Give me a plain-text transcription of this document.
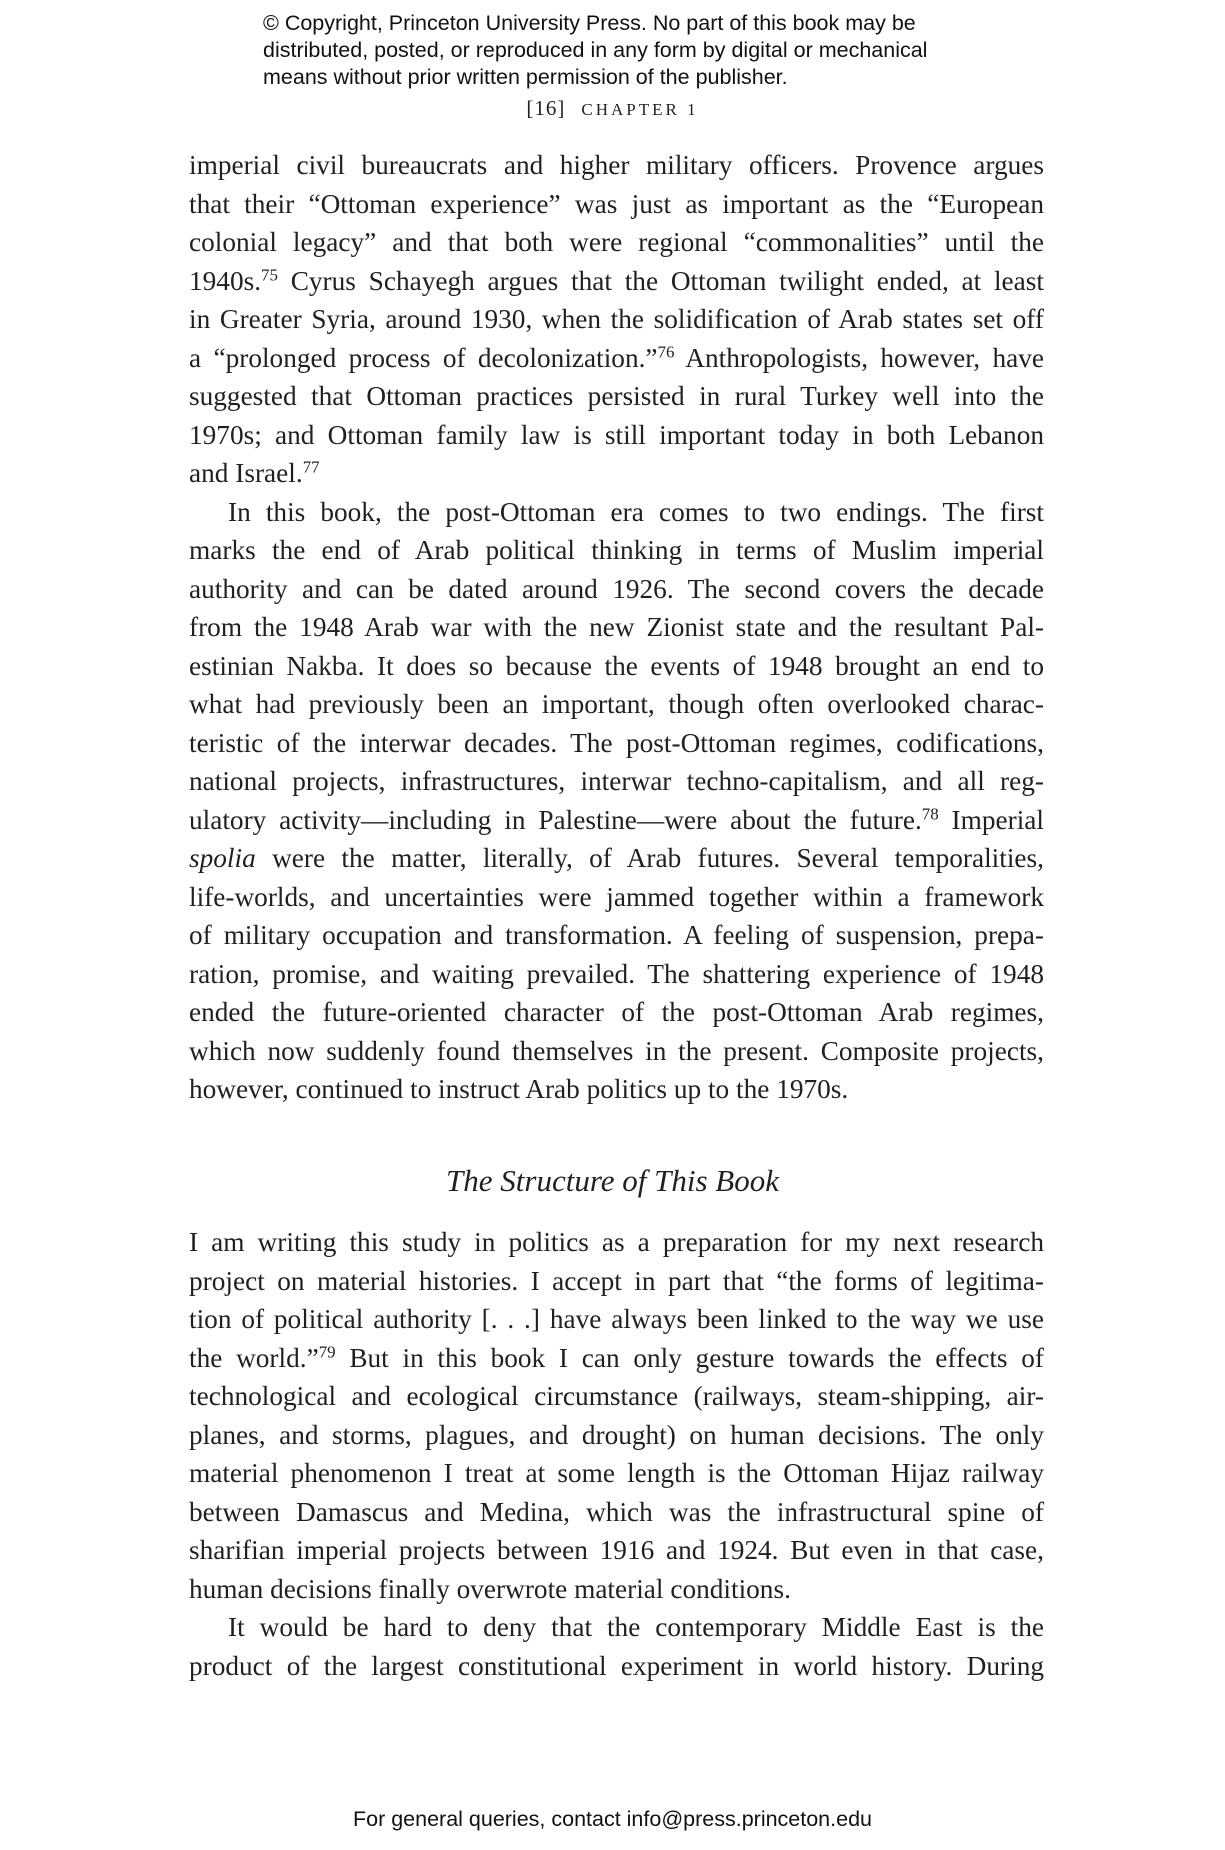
© Copyright, Princeton University Press. No part of this book may be
distributed, posted, or reproduced in any form by digital or mechanical
means without prior written permission of the publisher.
[16] CHAPTER 1
imperial civil bureaucrats and higher military officers. Provence argues
that their “Ottoman experience” was just as important as the “European
colonial legacy” and that both were regional “commonalities” until the
1940s.$^{75}$ Cyrus Schayegh argues that the Ottoman twilight ended, at least
in Greater Syria, around 1930, when the solidification of Arab states set off
a “prolonged process of decolonization.”$^{76}$ Anthropologists, however, have
suggested that Ottoman practices persisted in rural Turkey well into the
1970s; and Ottoman family law is still important today in both Lebanon
and Israel.$^{77}$
In this book, the post-Ottoman era comes to two endings. The first
marks the end of Arab political thinking in terms of Muslim imperial
authority and can be dated around 1926. The second covers the decade
from the 1948 Arab war with the new Zionist state and the resultant Pal-
estinian Nakba. It does so because the events of 1948 brought an end to
what had previously been an important, though often overlooked charac-
teristic of the interwar decades. The post-Ottoman regimes, codifications,
national projects, infrastructures, interwar techno-capitalism, and all reg-
ulatory activity—including in Palestine—were about the future.$^{78}$ Imperial
spolia were the matter, literally, of Arab futures. Several temporalities,
life-worlds, and uncertainties were jammed together within a framework
of military occupation and transformation. A feeling of suspension, prepa-
ration, promise, and waiting prevailed. The shattering experience of 1948
ended the future-oriented character of the post-Ottoman Arab regimes,
which now suddenly found themselves in the present. Composite projects,
however, continued to instruct Arab politics up to the 1970s.
The Structure of This Book
I am writing this study in politics as a preparation for my next research
project on material histories. I accept in part that “the forms of legitima-
tion of political authority [. . .] have always been linked to the way we use
the world.”$^{79}$ But in this book I can only gesture towards the effects of
technological and ecological circumstance (railways, steam-shipping, air-
planes, and storms, plagues, and drought) on human decisions. The only
material phenomenon I treat at some length is the Ottoman Hijaz railway
between Damascus and Medina, which was the infrastructural spine of
sharifian imperial projects between 1916 and 1924. But even in that case,
human decisions finally overwrote material conditions.
It would be hard to deny that the contemporary Middle East is the
product of the largest constitutional experiment in world history. During
For general queries, contact info@press.princeton.edu
